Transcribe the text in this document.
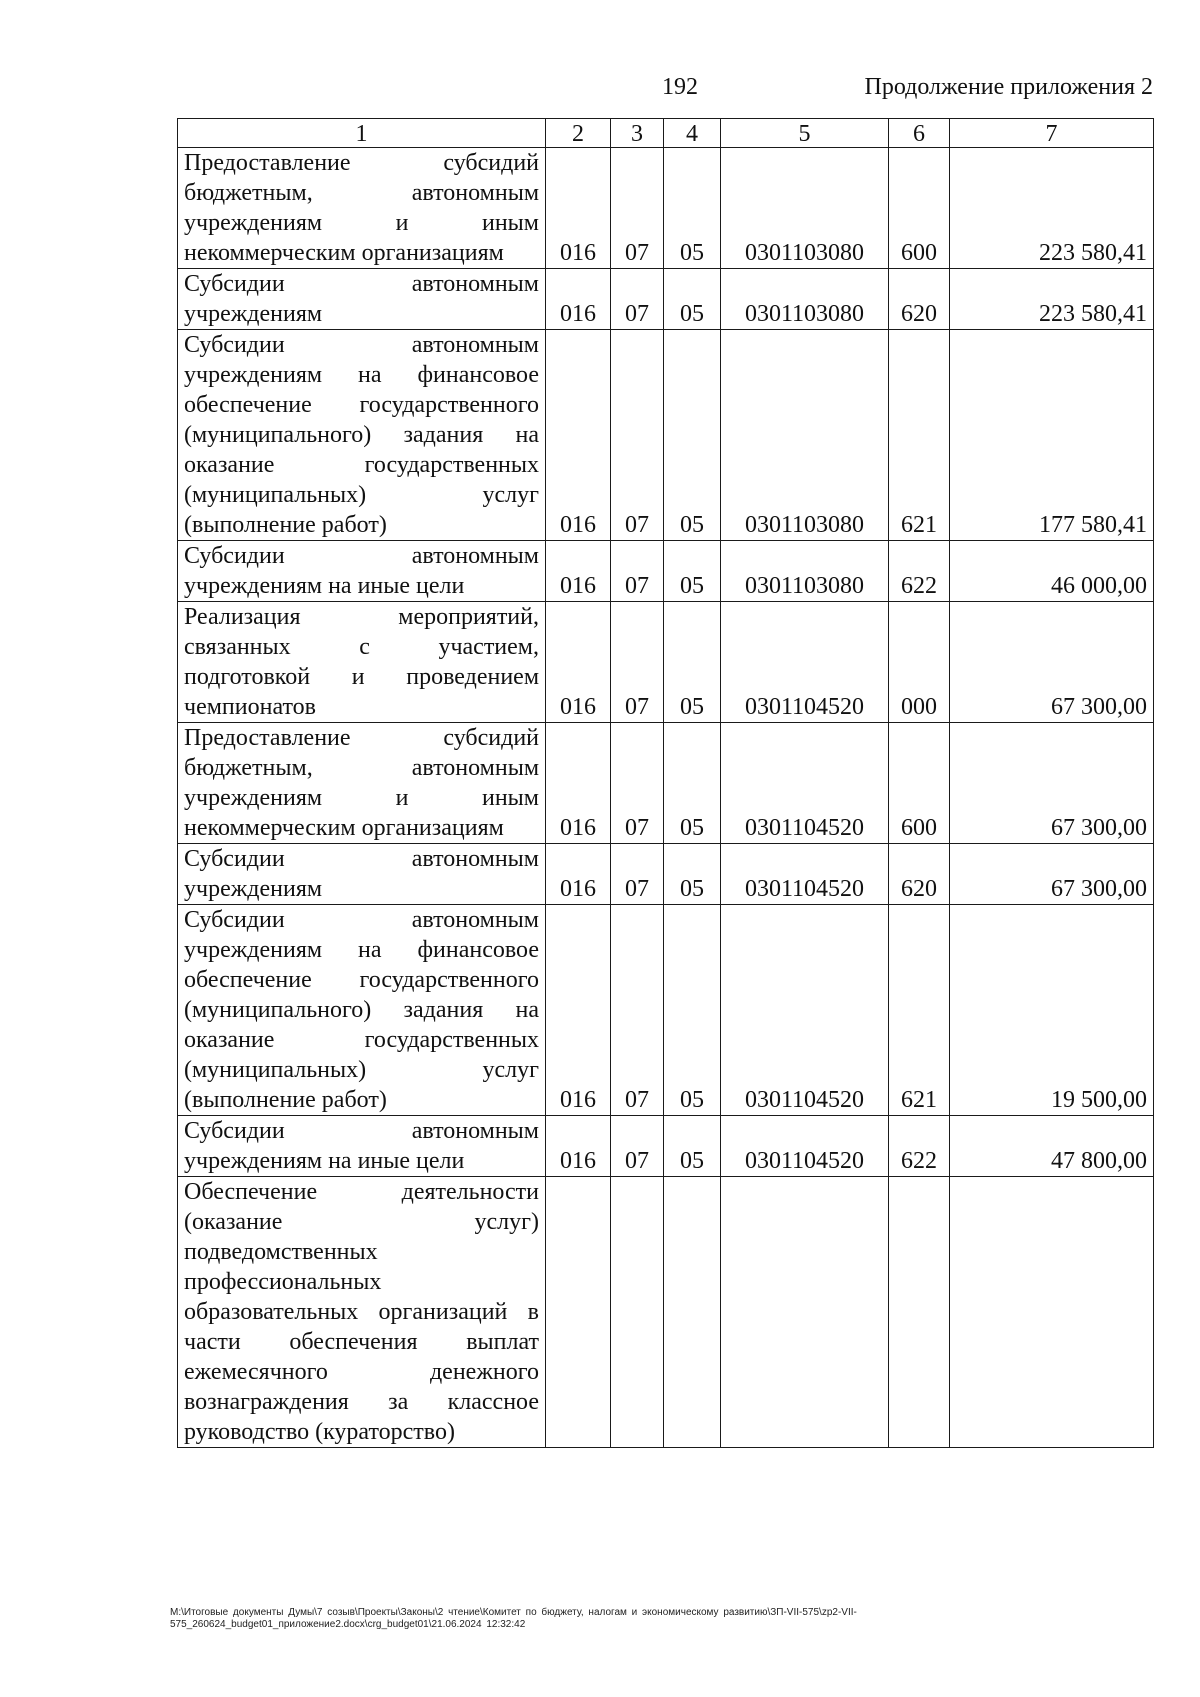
192	Продолжение приложения 2
1	2	3	4	5	6	7
Предоставление субсидий бюджетным, автономным учреждениям и иным некоммерческим организациям	016	07	05	0301103080	600	223 580,41
Субсидии автономным учреждениям	016	07	05	0301103080	620	223 580,41
Субсидии автономным учреждениям на финансовое обеспечение государственного (муниципального) задания на оказание государственных (муниципальных) услуг (выполнение работ)	016	07	05	0301103080	621	177 580,41
Субсидии автономным учреждениям на иные цели	016	07	05	0301103080	622	46 000,00
Реализация мероприятий, связанных с участием, подготовкой и проведением чемпионатов	016	07	05	0301104520	000	67 300,00
Предоставление субсидий бюджетным, автономным учреждениям и иным некоммерческим организациям	016	07	05	0301104520	600	67 300,00
Субсидии автономным учреждениям	016	07	05	0301104520	620	67 300,00
Субсидии автономным учреждениям на финансовое обеспечение государственного (муниципального) задания на оказание государственных (муниципальных) услуг (выполнение работ)	016	07	05	0301104520	621	19 500,00
Субсидии автономным учреждениям на иные цели	016	07	05	0301104520	622	47 800,00
Обеспечение деятельности (оказание услуг) подведомственных профессиональных образовательных организаций в части обеспечения выплат ежемесячного денежного вознаграждения за классное руководство (кураторство)						
М:\Итоговые документы Думы\7 созыв\Проекты\Законы\2 чтение\Комитет по бюджету, налогам и экономическому развитию\ЗП-VII-575\zp2-VII-575_260624_budget01_приложение2.docx\crg_budget01\21.06.2024 12:32:42
